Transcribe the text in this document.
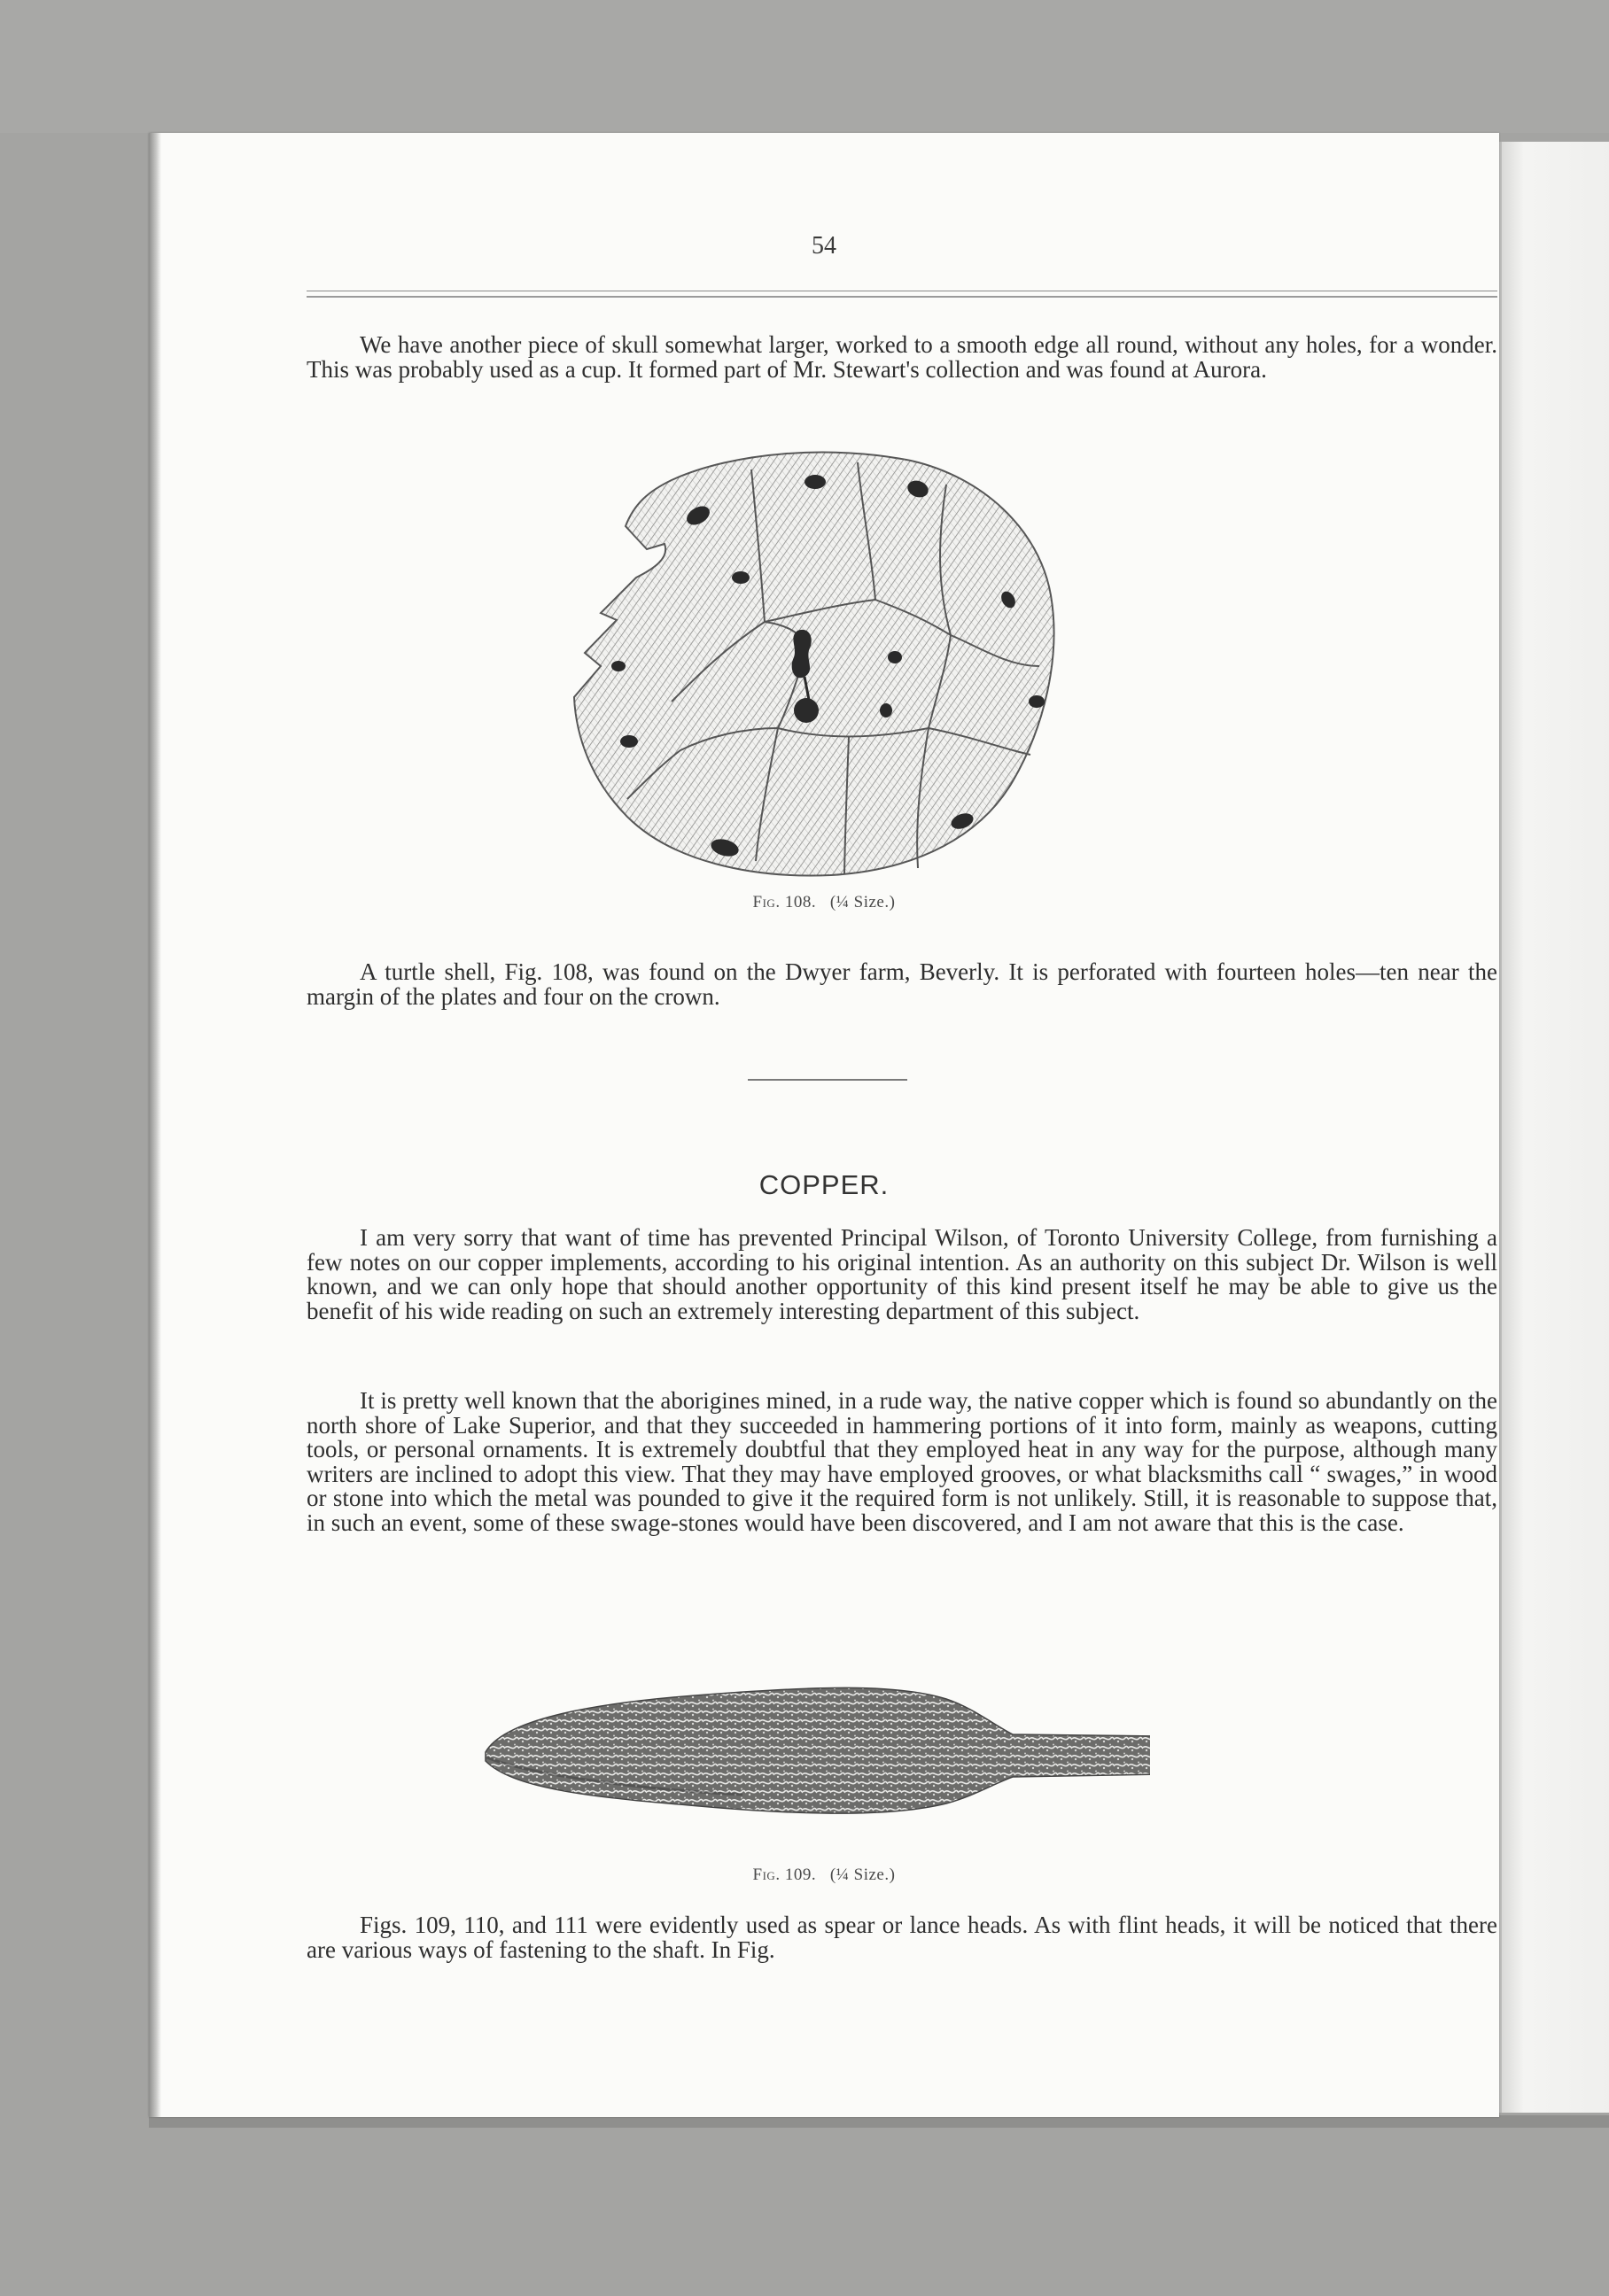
54

We have another piece of skull somewhat larger, worked to a smooth edge all round, without any holes, for a wonder. This was probably used as a cup. It formed part of Mr. Stewart's collection and was found at Aurora.

Fig. 108. (¼ Size.)

A turtle shell, Fig. 108, was found on the Dwyer farm, Beverly. It is perforated with fourteen holes—ten near the margin of the plates and four on the crown.

COPPER.

I am very sorry that want of time has prevented Principal Wilson, of Toronto University College, from furnishing a few notes on our copper implements, according to his original intention. As an authority on this subject Dr. Wilson is well known, and we can only hope that should another opportunity of this kind present itself he may be able to give us the benefit of his wide reading on such an extremely interesting department of this subject.

It is pretty well known that the aborigines mined, in a rude way, the native copper which is found so abundantly on the north shore of Lake Superior, and that they succeeded in hammering portions of it into form, mainly as weapons, cutting tools, or personal ornaments. It is extremely doubtful that they employed heat in any way for the purpose, although many writers are inclined to adopt this view. That they may have employed grooves, or what blacksmiths call “ swages,” in wood or stone into which the metal was pounded to give it the required form is not unlikely. Still, it is reasonable to suppose that, in such an event, some of these swage-stones would have been discovered, and I am not aware that this is the case.

Fig. 109. (¼ Size.)

Figs. 109, 110, and 111 were evidently used as spear or lance heads. As with flint heads, it will be noticed that there are various ways of fastening to the shaft. In Fig.
